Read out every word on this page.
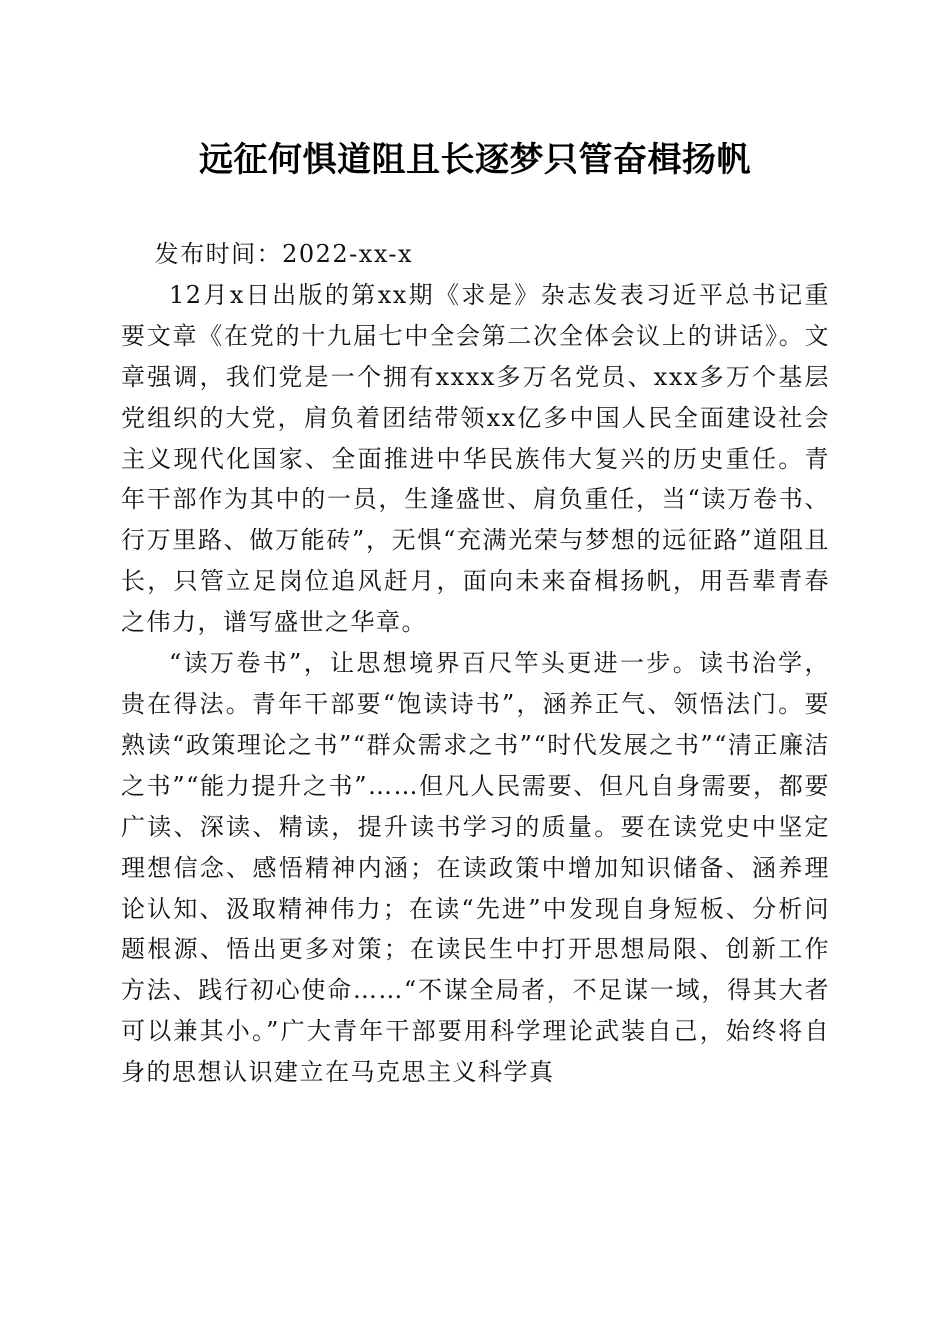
远征何惧道阻且长逐梦只管奋楫扬帆

发布时间：2022-xx-x

12月x日出版的第xx期《求是》杂志发表习近平总书记重要文章《在党的十九届七中全会第二次全体会议上的讲话》。文章强调，我们党是一个拥有xxxx多万名党员、xxx多万个基层党组织的大党，肩负着团结带领xx亿多中国人民全面建设社会主义现代化国家、全面推进中华民族伟大复兴的历史重任。青年干部作为其中的一员，生逢盛世、肩负重任，当“读万卷书、行万里路、做万能砖”，无惧“充满光荣与梦想的远征路”道阻且长，只管立足岗位追风赶月，面向未来奋楫扬帆，用吾辈青春之伟力，谱写盛世之华章。

“读万卷书”，让思想境界百尺竿头更进一步。读书治学，贵在得法。青年干部要“饱读诗书”，涵养正气、领悟法门。要熟读“政策理论之书”“群众需求之书”“时代发展之书”“清正廉洁之书”“能力提升之书”……但凡人民需要、但凡自身需要，都要广读、深读、精读，提升读书学习的质量。要在读党史中坚定理想信念、感悟精神内涵；在读政策中增加知识储备、涵养理论认知、汲取精神伟力；在读“先进”中发现自身短板、分析问题根源、悟出更多对策；在读民生中打开思想局限、创新工作方法、践行初心使命……“不谋全局者，不足谋一域，得其大者可以兼其小。”广大青年干部要用科学理论武装自己，始终将自身的思想认识建立在马克思主义科学真
